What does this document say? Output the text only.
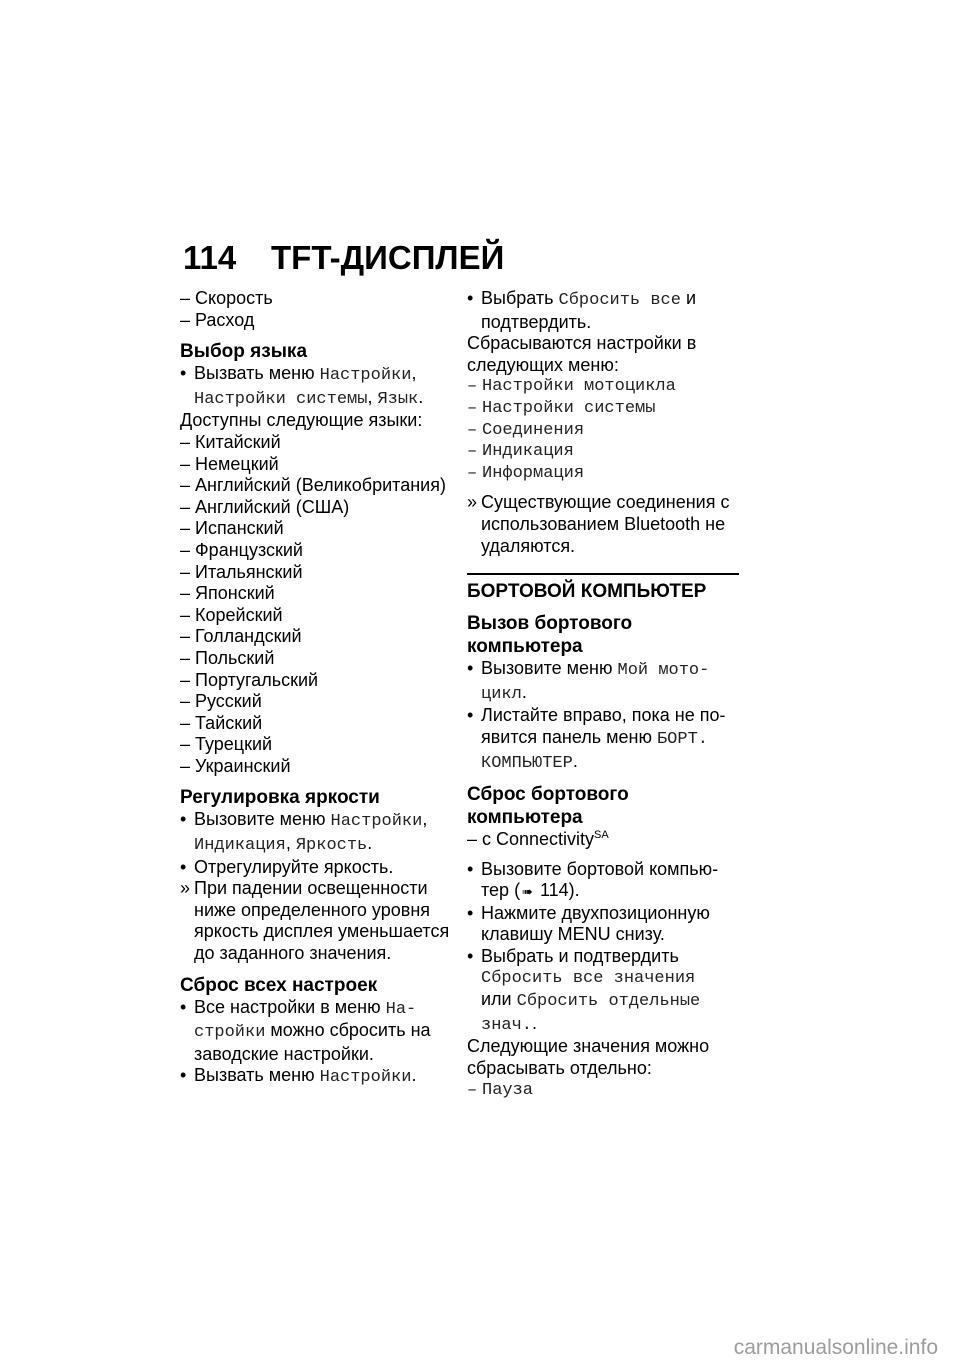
114 TFT-ДИСПЛЕЙ
– Скорость
– Расход
Выбор языка
• Вызвать меню Настройки,
Настройки системы, Язык.
Доступны следующие языки:
– Китайский
– Немецкий
– Английский (Великобритания)
– Английский (США)
– Испанский
– Французский
– Итальянский
– Японский
– Корейский
– Голландский
– Польский
– Португальский
– Русский
– Тайский
– Турецкий
– Украинский
Регулировка яркости
• Вызовите меню Настройки,
Индикация, Яркость.
• Отрегулируйте яркость.
» При падении освещенности
ниже определенного уровня
яркость дисплея уменьшается
до заданного значения.
Сброс всех настроек
• Все настройки в меню На-
стройки можно сбросить на
заводские настройки.
• Вызвать меню Настройки.
• Выбрать Сбросить все и
подтвердить.
Сбрасываются настройки в
следующих меню:
– Настройки мотоцикла
– Настройки системы
– Соединения
– Индикация
– Информация
» Существующие соединения с
использованием Bluetooth не
удаляются.
БОРТОВОЙ КОМПЬЮТЕР
Вызов бортового
компьютера
• Вызовите меню Мой мото-
цикл.
• Листайте вправо, пока не по-
явится панель меню БОРТ.
КОМПЬЮТЕР.
Сброс бортового
компьютера
– с Connectivity$^{SA}$
• Вызовите бортовой компью-
тер ( ➠ 114).
• Нажмите двухпозиционную
клавишу MENU снизу.
• Выбрать и подтвердить
Сбросить все значения
или Сбросить отдельные
знач..
Следующие значения можно
сбрасывать отдельно:
– Пауза
carmanualsonline.info
